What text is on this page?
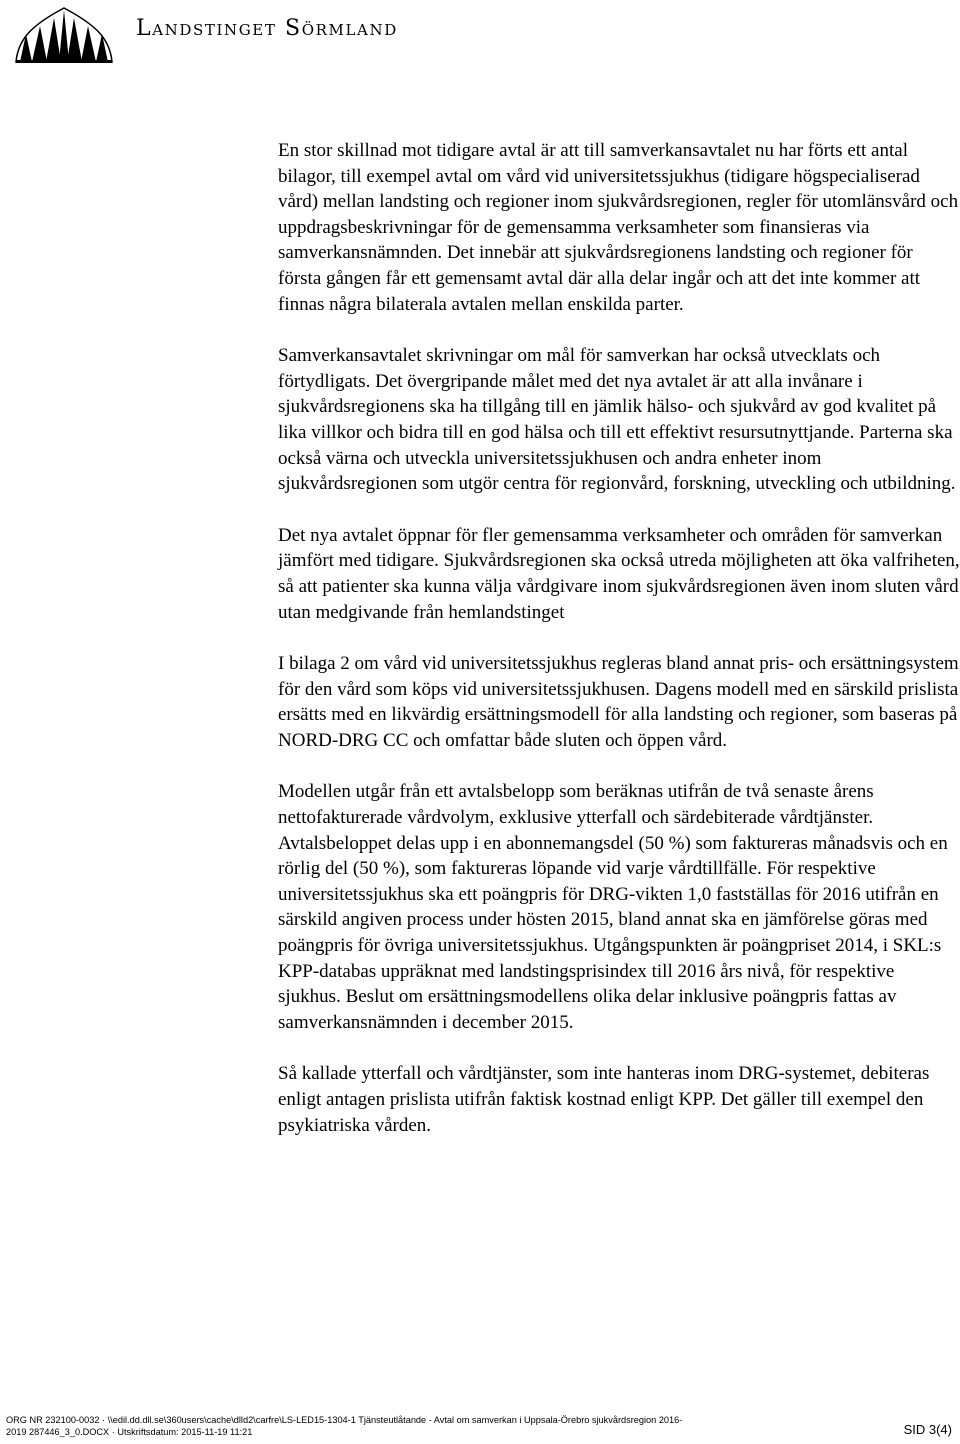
Landstinget Sörmland

En stor skillnad mot tidigare avtal är att till samverkansavtalet nu har förts ett antal bilagor, till exempel avtal om vård vid universitetssjukhus (tidigare högspecialiserad vård) mellan landsting och regioner inom sjukvårdsregionen, regler för utomlänsvård och uppdragsbeskrivningar för de gemensamma verksamheter som finansieras via samverkansnämnden. Det innebär att sjukvårdsregionens landsting och regioner för första gången får ett gemensamt avtal där alla delar ingår och att det inte kommer att finnas några bilaterala avtalen mellan enskilda parter.

Samverkansavtalet skrivningar om mål för samverkan har också utvecklats och förtydligats. Det övergripande målet med det nya avtalet är att alla invånare i sjukvårdsregionens ska ha tillgång till en jämlik hälso- och sjukvård av god kvalitet på lika villkor och bidra till en god hälsa och till ett effektivt resursutnyttjande. Parterna ska också värna och utveckla universitetssjukhusen och andra enheter inom sjukvårdsregionen som utgör centra för regionvård, forskning, utveckling och utbildning.

Det nya avtalet öppnar för fler gemensamma verksamheter och områden för samverkan jämfört med tidigare. Sjukvårdsregionen ska också utreda möjligheten att öka valfriheten, så att patienter ska kunna välja vårdgivare inom sjukvårdsregionen även inom sluten vård utan medgivande från hemlandstinget

I bilaga 2 om vård vid universitetssjukhus regleras bland annat pris- och ersättningsystem för den vård som köps vid universitetssjukhusen. Dagens modell med en särskild prislista ersätts med en likvärdig ersättningsmodell för alla landsting och regioner, som baseras på NORD-DRG CC och omfattar både sluten och öppen vård.

Modellen utgår från ett avtalsbelopp som beräknas utifrån de två senaste årens nettofakturerade vårdvolym, exklusive ytterfall och särdebiterade vårdtjänster. Avtalsbeloppet delas upp i en abonnemangsdel (50 %) som faktureras månadsvis och en rörlig del (50 %), som faktureras löpande vid varje vårdtillfälle. För respektive universitetssjukhus ska ett poängpris för DRG-vikten 1,0 fastställas för 2016 utifrån en särskild angiven process under hösten 2015, bland annat ska en jämförelse göras med poängpris för övriga universitetssjukhus. Utgångspunkten är poängpriset 2014, i SKL:s KPP-databas uppräknat med landstingsprisindex till 2016 års nivå, för respektive sjukhus. Beslut om ersättningsmodellens olika delar inklusive poängpris fattas av samverkansnämnden i december 2015.

Så kallade ytterfall och vårdtjänster, som inte hanteras inom DRG-systemet, debiteras enligt antagen prislista utifrån faktisk kostnad enligt KPP. Det gäller till exempel den psykiatriska vården.

ORG NR 232100-0032 · \\edil.dd.dll.se\360users\cache\dlld2\carfre\LS-LED15-1304-1 Tjänsteutlåtande - Avtal om samverkan i Uppsala-Örebro sjukvårdsregion 2016-
2019 287446_3_0.DOCX · Utskriftsdatum: 2015-11-19 11:21	SID 3(4)
